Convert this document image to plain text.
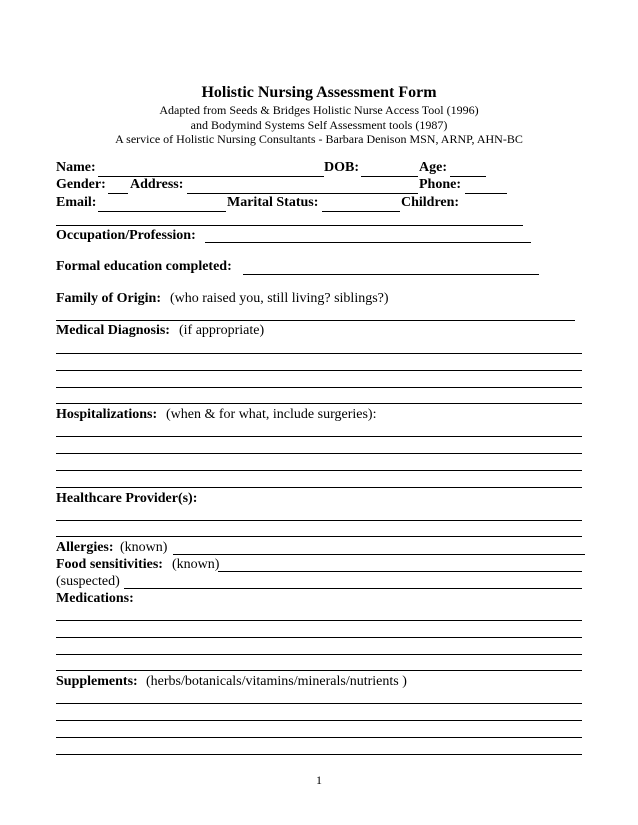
Holistic Nursing Assessment Form
Adapted from Seeds & Bridges Holistic Nurse Access Tool (1996)
and Bodymind Systems Self Assessment tools (1987)
A service of Holistic Nursing Consultants - Barbara Denison MSN, ARNP, AHN-BC
Name:	DOB:	Age:
Gender: Address:	Phone:
Email:	Marital Status:	Children:
Occupation/Profession:
Formal education completed:
Family of Origin: (who raised you, still living? siblings?)
Medical Diagnosis: (if appropriate)
Hospitalizations: (when & for what, include surgeries):
Healthcare Provider(s):
Allergies: (known)
Food sensitivities: (known)
(suspected)
Medications:
Supplements: (herbs/botanicals/vitamins/minerals/nutrients )
1
